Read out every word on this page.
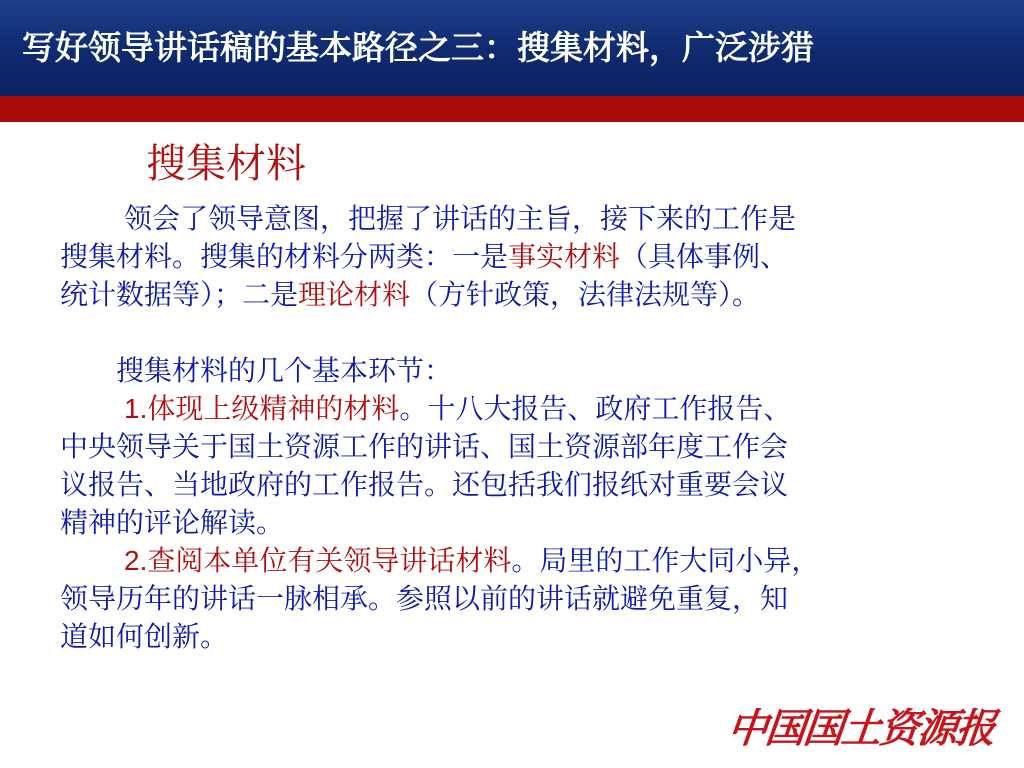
写好领导讲话稿的基本路径之三：搜集材料，广泛涉猎
搜集材料
领会了领导意图，把握了讲话的主旨，接下来的工作是
搜集材料。搜集的材料分两类：一是事实材料（具体事例、
统计数据等）；二是理论材料（方针政策，法律法规等）。
搜集材料的几个基本环节：
1.体现上级精神的材料。十八大报告、政府工作报告、
中央领导关于国土资源工作的讲话、国土资源部年度工作会
议报告、当地政府的工作报告。还包括我们报纸对重要会议
精神的评论解读。
2.查阅本单位有关领导讲话材料。局里的工作大同小异，
领导历年的讲话一脉相承。参照以前的讲话就避免重复，知
道如何创新。
中国国土资源报
